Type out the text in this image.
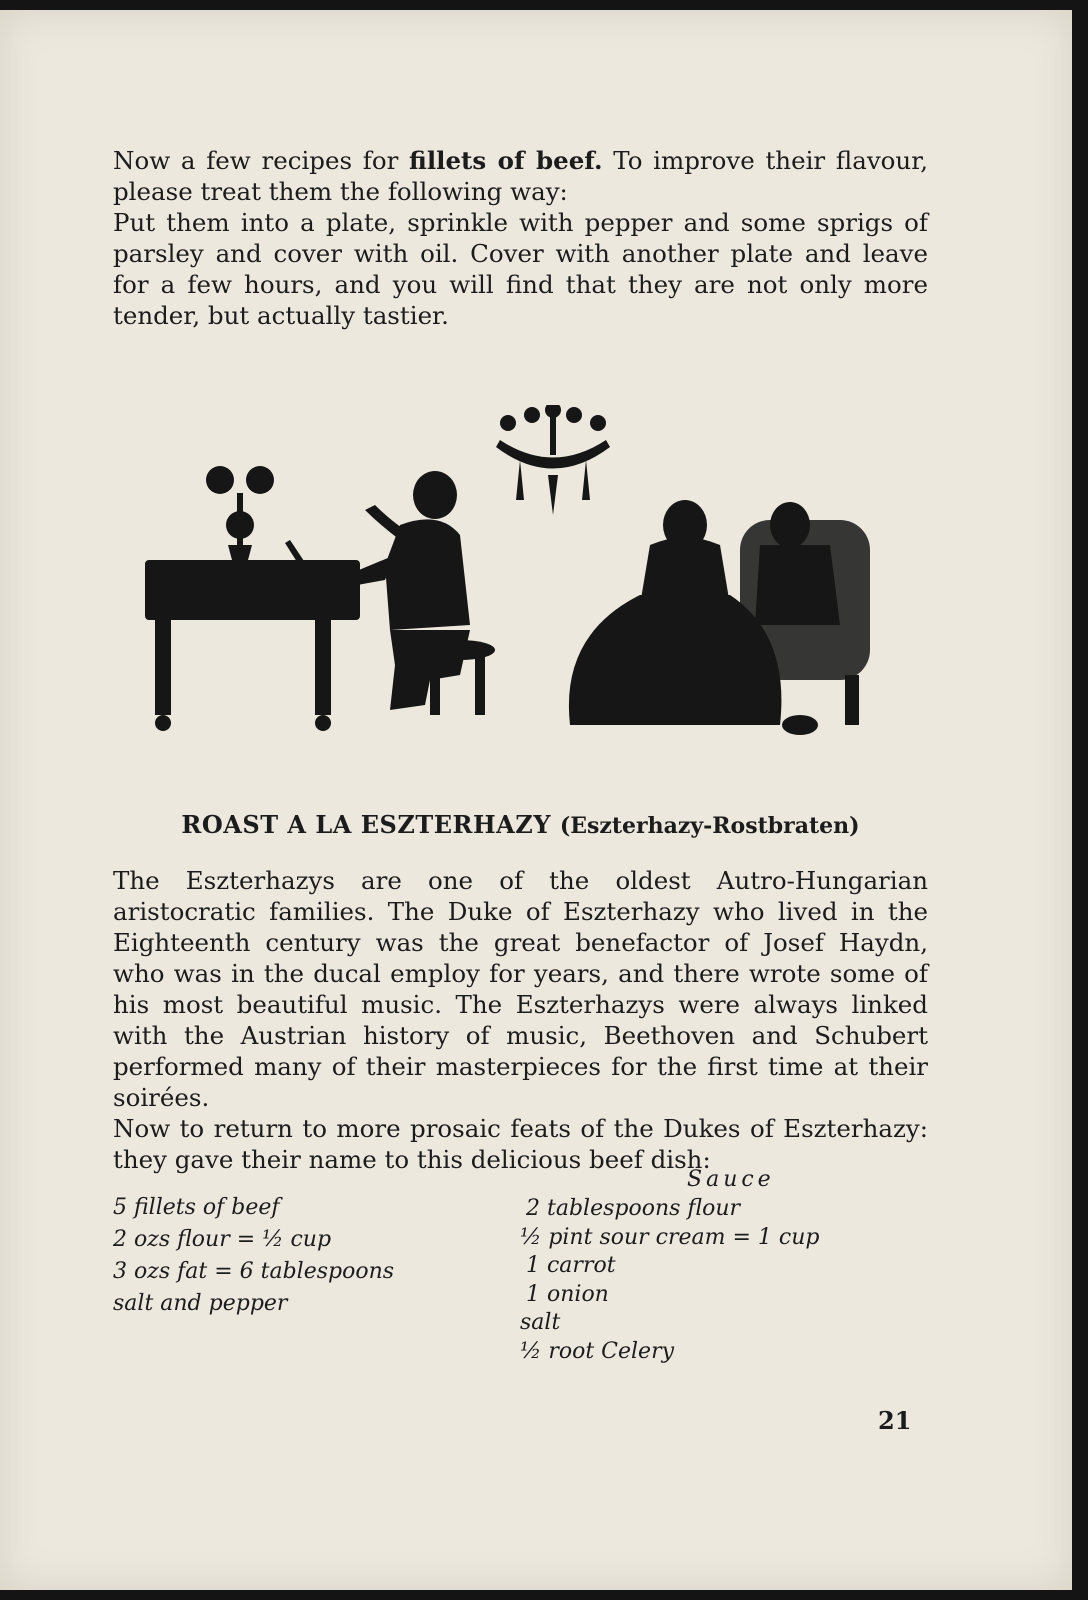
Now a few recipes for fillets of beef. To improve their flavour, please treat them the following way:

Put them into a plate, sprinkle with pepper and some sprigs of parsley and cover with oil. Cover with another plate and leave for a few hours, and you will find that they are not only more tender, but actually tastier.

ROAST A LA ESZTERHAZY (Eszterhazy-Rostbraten)

The Eszterhazys are one of the oldest Autro-Hungarian aristocratic families. The Duke of Eszterhazy who lived in the Eighteenth century was the great benefactor of Josef Haydn, who was in the ducal employ for years, and there wrote some of his most beautiful music. The Eszterhazys were always linked with the Austrian history of music, Beethoven and Schubert performed many of their masterpieces for the first time at their soirées.

Now to return to more prosaic feats of the Dukes of Eszterhazy: they gave their name to this delicious beef dish:

5 fillets of beef
2 ozs flour = ½ cup
3 ozs fat = 6 tablespoons
salt and pepper
Sauce
2 tablespoons flour
½ pint sour cream = 1 cup
1 carrot
1 onion
salt
½ root Celery
21
